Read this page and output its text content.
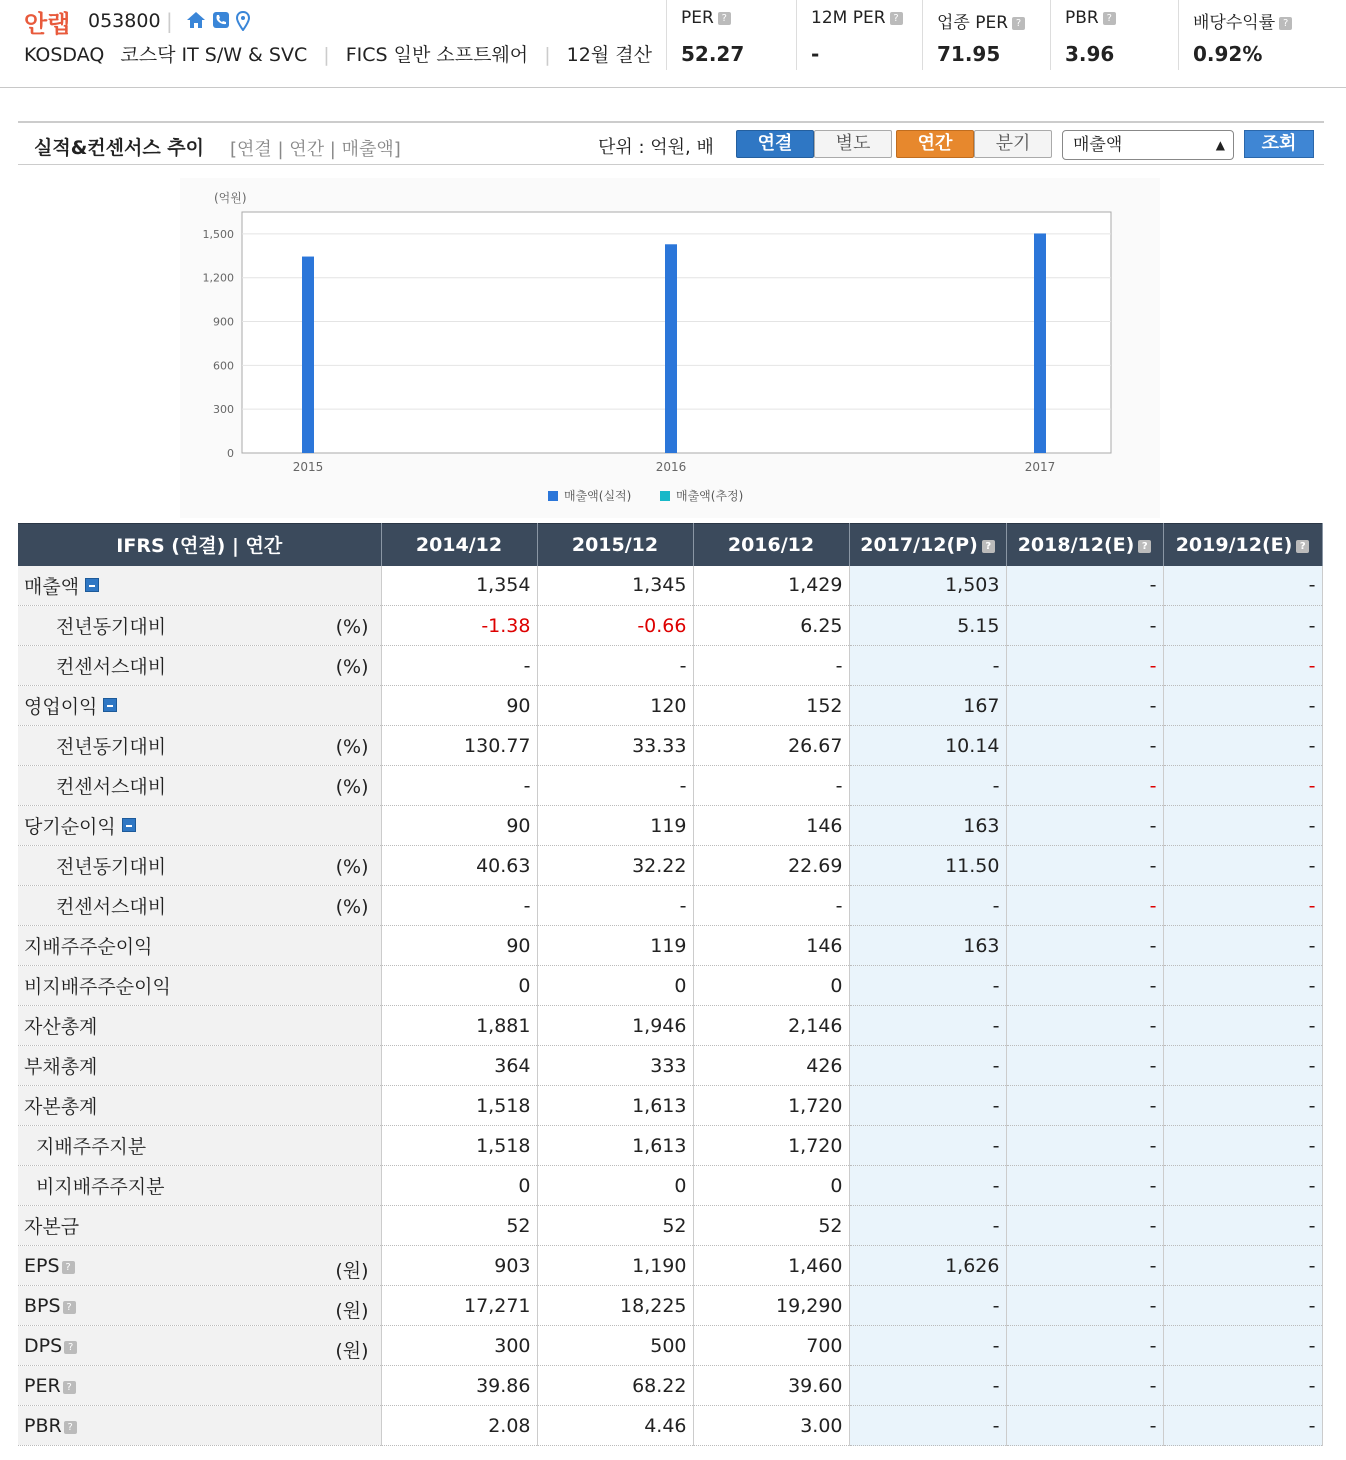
안랩 053800 |
KOSDAQ 코스닥 IT S/W & SVC | FICS 일반 소프트웨어 | 12월 결산
PER ?
52.27
12M PER ?
-
업종 PER ?
71.95
PBR ?
3.96
배당수익률 ?
0.92%
실적&컨센서스 추이 [연결 | 연간 | 매출액]	단위 : 억원, 배	연결	별도	연간	분기	매출액	▲	조회
0
300
600
900
1,200
1,500
(억원)
2015	2016	2017
매출액(실적)	매출액(추정)
IFRS (연결) | 연간	2014/12	2015/12	2016/12	2017/12(P) ?	2018/12(E) ?	2019/12(E) ?
매출액	1,354	1,345	1,429	1,503	-	-
전년동기대비 (%)	-1.38	-0.66	6.25	5.15	-	-
컨센서스대비 (%)	-	-	-	-	-	-
영업이익	90	120	152	167	-	-
전년동기대비 (%)	130.77	33.33	26.67	10.14	-	-
컨센서스대비 (%)	-	-	-	-	-	-
당기순이익	90	119	146	163	-	-
전년동기대비 (%)	40.63	32.22	22.69	11.50	-	-
컨센서스대비 (%)	-	-	-	-	-	-
지배주주순이익	90	119	146	163	-	-
비지배주주순이익	0	0	0	-	-	-
자산총계	1,881	1,946	2,146	-	-	-
부채총계	364	333	426	-	-	-
자본총계	1,518	1,613	1,720	-	-	-
지배주주지분	1,518	1,613	1,720	-	-	-
비지배주주지분	0	0	0	-	-	-
자본금	52	52	52	-	-	-
EPS ? (원)	903	1,190	1,460	1,626	-	-
BPS ? (원)	17,271	18,225	19,290	-	-	-
DPS ? (원)	300	500	700	-	-	-
PER ?	39.86	68.22	39.60	-	-	-
PBR ?	2.08	4.46	3.00	-	-	-
